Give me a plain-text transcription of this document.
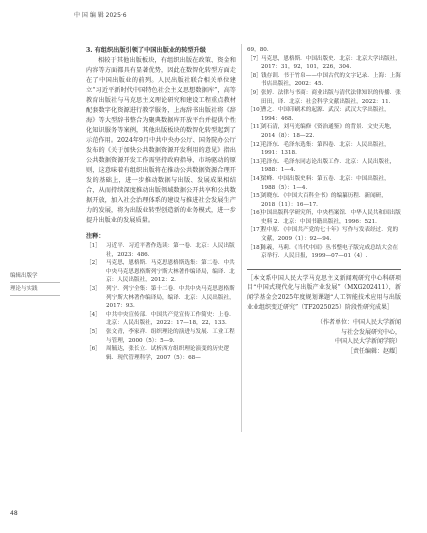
中 国 编 辑 2025·6

3. 有组织出版引领了中国出版业的转型升级

相较于其他出版板块，有组织出版在政策、资金和内容等方面都具有显著优势，因此在数智化转型方面走在了中国出版业的前列。人民出版社联合相关单位建立“习近平新时代中国特色社会主义思想数据库”，高等教育出版社与马克思主义理论研究和建设工程重点教材配套数字化资源进行教学服务，上海辞书出版社将《辞海》等大型辞书整合为聚典数据库开放平台并提供个性化知识服务等案例，其他出版板块的数智化转型起到了示范作用。2024年9月中共中央办公厅、国务院办公厅发布的《关于加快公共数据资源开发利用的意见》指出公共数据资源开发工作需坚持政府指导、市场驱动的原则，这意味着有组织出版将在推动公共数据资源合理开发的基础上，进一步推动数据与出版、发展成果相结合，从而持续深度推动出版领域数据公开共享和公共数据开放，加入社会治理体系的建设与推进社会发展生产力的发展，将为出版业转型创造新的业务模式，进一步提升出版业的发展质量。

注释：

［1］ 习近平．习近平著作选读：第一卷．北京：人民出版社，2023：486.
［2］ 马克思，恩格斯．马克思恩格斯选集：第二卷．中共中央马克思恩格斯列宁斯大林著作编译局，编译．北京：人民出版社，2012：2.
［3］ 列宁．列宁全集：第十二卷．中共中央马克思恩格斯列宁斯大林著作编译局，编译．北京：人民出版社，2017：93.
［4］ 中共中央宣传部．中国共产党宣传工作简史：上卷．北京：人民出版社，2022：17—18，22，133.
［5］ 张文青，李家祥．组织理论的演进与发展．工业工程与管理，2000（5）：5—9.
［6］ 周毓达，张长立．试析西方组织理论演变的历史逻辑．现代管理科学，2007（5）：68—
69，80.
［7］ 马克思，恩格斯．中国出版史．北京：北京大学出版社，2017：31，92，101，226，304.
［8］ 钱存训．书于竹帛——中国古代的文字记录．上海：上海书店出版社，2002：45.
［9］ 张婷．法律与书商：商业出版与清代法律知识的传播．张田田，译．北京：社会科学文献出版社，2022：11.
［10］
曹之．中国印刷术的起源．武汉：武汉大学出版社，1994：468.
［11］
刘石清，刘马光编修《资治通鉴》的背景．文史天地，2014（8）：18—22.
［12］
毛泽东．毛泽东选集：第四卷．北京：人民出版社，1991：1318.
［13］
毛泽东．毛泽东同志论出版工作．北京：人民出版社，1988：1—4.
［14］
梁峰．中国出版史料：第五卷．北京：中国出版社，1988（5）：1—4.
［15］
刘晓东．《中国大百科全书》的编纂历程．新闻研，2018（11）：16—17.
［16］
中国出版科学研究所，中央档案馆．中华人民共和国出版史料 2．北京：中国书籍出版社，1996：521.
［17］
程中原．《中国共产党的七十年》写作与发表经过．党的文献，2009（1）：92—94.
［18］
陈羲，马莉．《当代中国》丛书整电子版完成总结大会在京举行．人民日报，1999—07—01（4）.
［本文系中国人民大学马克思主义新闻观研究中心科研项目“中国式现代化与出版产业发展”（MXG202411），新闻学基金会2025年度规划课题“人工智能技术应用与出版业业组织变迁研究”（TF2025025）阶段性研究成果］
（作者单位：中国人民大学新闻
与社会发展研究中心，
中国人民大学新闻学院）
［责任编辑：赵耀］
编辑出版学
理论与实践
48
